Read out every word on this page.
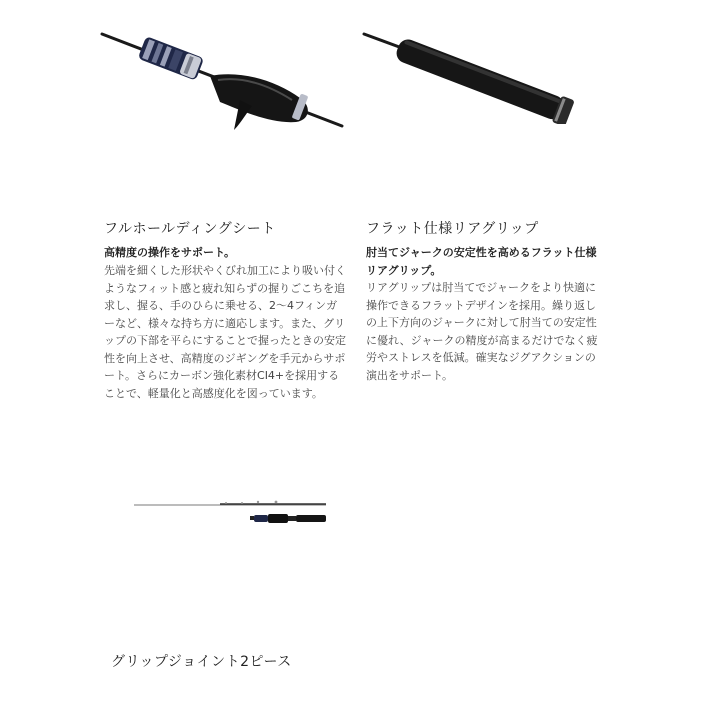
フルホールディングシート
高精度の操作をサポート。
先端を細くした形状やくびれ加工により吸い付くようなフィット感と疲れ知らずの握りごこちを追求し、握る、手のひらに乗せる、2〜4フィンガーなど、様々な持ち方に適応します。また、グリップの下部を平らにすることで握ったときの安定性を向上させ、高精度のジギングを手元からサポート。さらにカーボン強化素材CI4+を採用することで、軽量化と高感度化を図っています。
フラット仕様リアグリップ
肘当てジャークの安定性を高めるフラット仕様リアグリップ。
リアグリップは肘当てでジャークをより快適に操作できるフラットデザインを採用。繰り返しの上下方向のジャークに対して肘当ての安定性に優れ、ジャークの精度が高まるだけでなく疲労やストレスを低減。確実なジグアクションの演出をサポート。
グリップジョイント2ピース
